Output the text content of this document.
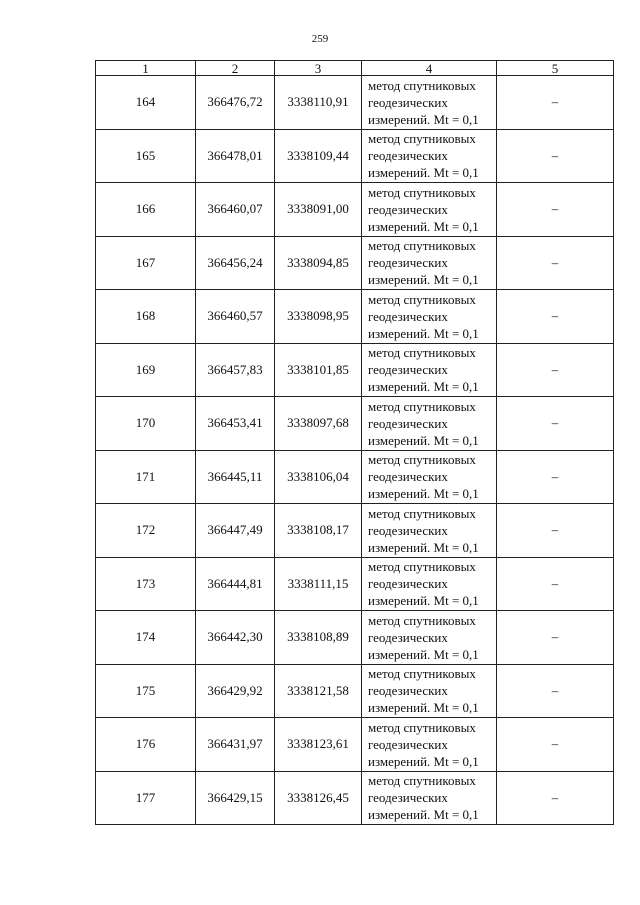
259
1	2	3	4	5
164	366476,72	3338110,91	метод спутниковых геодезических измерений. Mt = 0,1	–
165	366478,01	3338109,44	метод спутниковых геодезических измерений. Mt = 0,1	–
166	366460,07	3338091,00	метод спутниковых геодезических измерений. Mt = 0,1	–
167	366456,24	3338094,85	метод спутниковых геодезических измерений. Mt = 0,1	–
168	366460,57	3338098,95	метод спутниковых геодезических измерений. Mt = 0,1	–
169	366457,83	3338101,85	метод спутниковых геодезических измерений. Mt = 0,1	–
170	366453,41	3338097,68	метод спутниковых геодезических измерений. Mt = 0,1	–
171	366445,11	3338106,04	метод спутниковых геодезических измерений. Mt = 0,1	–
172	366447,49	3338108,17	метод спутниковых геодезических измерений. Mt = 0,1	–
173	366444,81	3338111,15	метод спутниковых геодезических измерений. Mt = 0,1	–
174	366442,30	3338108,89	метод спутниковых геодезических измерений. Mt = 0,1	–
175	366429,92	3338121,58	метод спутниковых геодезических измерений. Mt = 0,1	–
176	366431,97	3338123,61	метод спутниковых геодезических измерений. Mt = 0,1	–
177	366429,15	3338126,45	метод спутниковых геодезических измерений. Mt = 0,1	–
